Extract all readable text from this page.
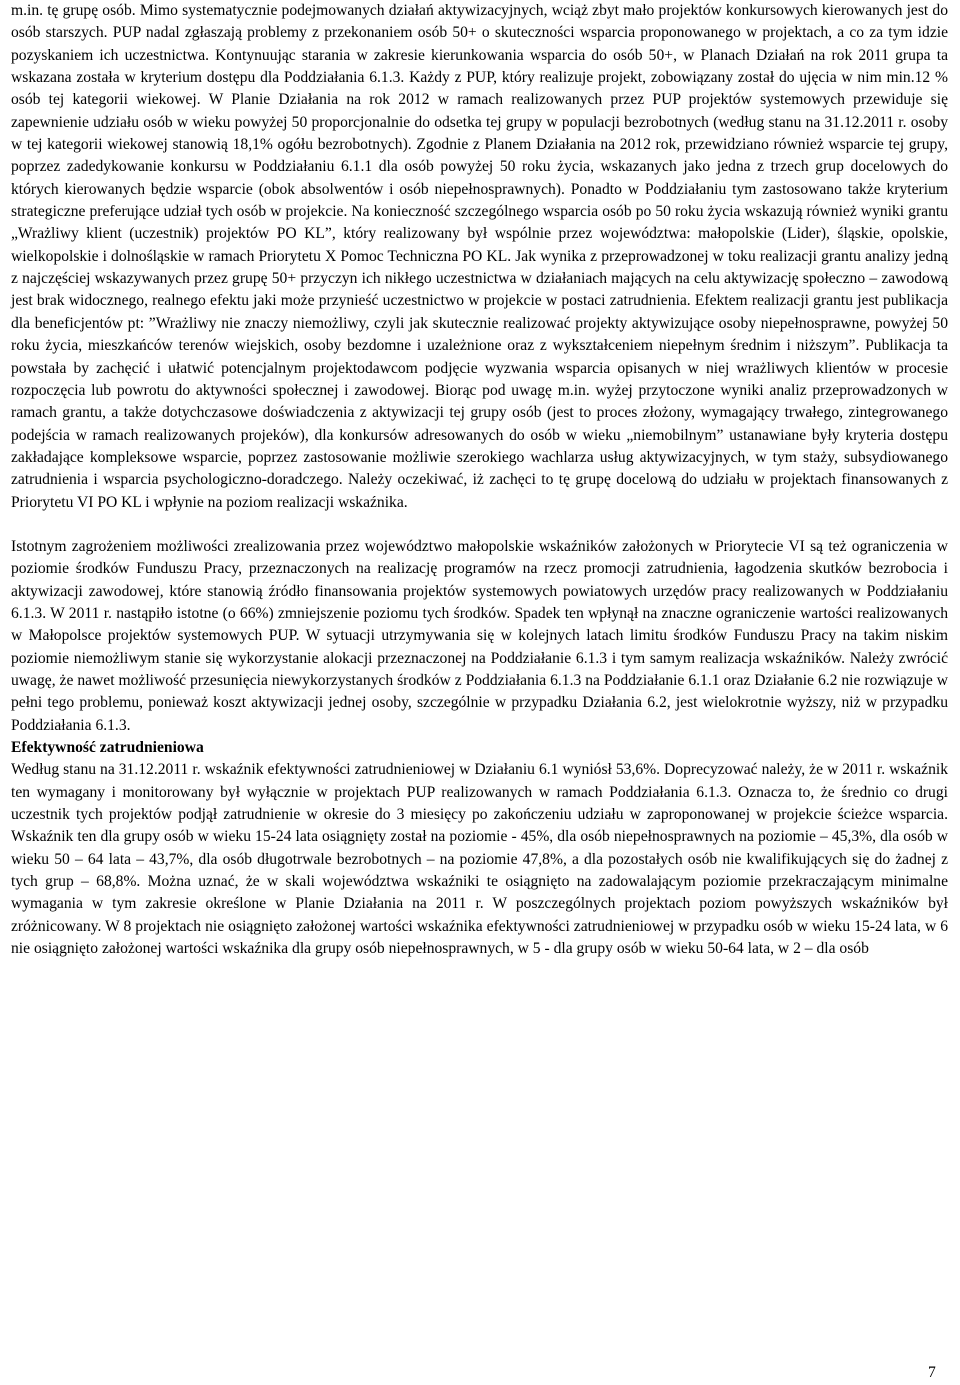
m.in. tę grupę osób. Mimo systematycznie podejmowanych działań aktywizacyjnych, wciąż zbyt mało projektów konkursowych kierowanych jest do osób starszych. PUP nadal zgłaszają problemy z przekonaniem osób 50+ o skuteczności wsparcia proponowanego w projektach, a co za tym idzie pozyskaniem ich uczestnictwa. Kontynuując starania w zakresie kierunkowania wsparcia do osób 50+, w Planach Działań na rok 2011 grupa ta wskazana została w kryterium dostępu dla Poddziałania 6.1.3. Każdy z PUP, który realizuje projekt, zobowiązany został do ujęcia w nim min.12 % osób tej kategorii wiekowej. W Planie Działania na rok 2012 w ramach realizowanych przez PUP projektów systemowych przewiduje się zapewnienie udziału osób w wieku powyżej 50 proporcjonalnie do odsetka tej grupy w populacji bezrobotnych (według stanu na 31.12.2011 r. osoby w tej kategorii wiekowej stanowią 18,1% ogółu bezrobotnych). Zgodnie z Planem Działania na 2012 rok, przewidziano również wsparcie tej grupy, poprzez zadedykowanie konkursu w Poddziałaniu 6.1.1 dla osób powyżej 50 roku życia, wskazanych jako jedna z trzech grup docelowych do których kierowanych będzie wsparcie (obok absolwentów i osób niepełnosprawnych). Ponadto w Poddziałaniu tym zastosowano także kryterium strategiczne preferujące udział tych osób w projekcie. Na konieczność szczególnego wsparcia osób po 50 roku życia wskazują również wyniki grantu „Wrażliwy klient (uczestnik) projektów PO KL”, który realizowany był wspólnie przez województwa: małopolskie (Lider), śląskie, opolskie, wielkopolskie i dolnośląskie w ramach Priorytetu X Pomoc Techniczna PO KL. Jak wynika z przeprowadzonej w toku realizacji grantu analizy jedną z najczęściej wskazywanych przez grupę 50+ przyczyn ich nikłego uczestnictwa w działaniach mających na celu aktywizację społeczno – zawodową jest brak widocznego, realnego efektu jaki może przynieść uczestnictwo w projekcie w postaci zatrudnienia. Efektem realizacji grantu jest publikacja dla beneficjentów pt: ”Wrażliwy nie znaczy niemożliwy, czyli jak skutecznie realizować projekty aktywizujące osoby niepełnosprawne, powyżej 50 roku życia, mieszkańców terenów wiejskich, osoby bezdomne i uzależnione oraz z wykształceniem niepełnym średnim i niższym”. Publikacja ta powstała by zachęcić i ułatwić potencjalnym projektodawcom podjęcie wyzwania wsparcia opisanych w niej wrażliwych klientów w procesie rozpoczęcia lub powrotu do aktywności społecznej i zawodowej. Biorąc pod uwagę m.in. wyżej przytoczone wyniki analiz przeprowadzonych w ramach grantu, a także dotychczasowe doświadczenia z aktywizacji tej grupy osób (jest to proces złożony, wymagający trwałego, zintegrowanego podejścia w ramach realizowanych projeków), dla konkursów adresowanych do osób w wieku „niemobilnym” ustanawiane były kryteria dostępu zakładające kompleksowe wsparcie, poprzez zastosowanie możliwie szerokiego wachlarza usług aktywizacyjnych, w tym staży, subsydiowanego zatrudnienia i wsparcia psychologiczno-doradczego. Należy oczekiwać, iż zachęci to tę grupę docelową do udziału w projektach finansowanych z Priorytetu VI PO KL i wpłynie na poziom realizacji wskaźnika.

Istotnym zagrożeniem możliwości zrealizowania przez województwo małopolskie wskaźników założonych w Priorytecie VI są też ograniczenia w poziomie środków Funduszu Pracy, przeznaczonych na realizację programów na rzecz promocji zatrudnienia, łagodzenia skutków bezrobocia i aktywizacji zawodowej, które stanowią źródło finansowania projektów systemowych powiatowych urzędów pracy realizowanych w Poddziałaniu 6.1.3. W 2011 r. nastąpiło istotne (o 66%) zmniejszenie poziomu tych środków. Spadek ten wpłynął na znaczne ograniczenie wartości realizowanych w Małopolsce projektów systemowych PUP. W sytuacji utrzymywania się w kolejnych latach limitu środków Funduszu Pracy na takim niskim poziomie niemożliwym stanie się wykorzystanie alokacji przeznaczonej na Poddziałanie 6.1.3 i tym samym realizacja wskaźników. Należy zwrócić uwagę, że nawet możliwość przesunięcia niewykorzystanych środków z Poddziałania 6.1.3 na Poddziałanie 6.1.1 oraz Działanie 6.2 nie rozwiązuje w pełni tego problemu, ponieważ koszt aktywizacji jednej osoby, szczególnie w przypadku Działania 6.2, jest wielokrotnie wyższy, niż w przypadku Poddziałania 6.1.3.

Efektywność zatrudnieniowa

Według stanu na 31.12.2011 r. wskaźnik efektywności zatrudnieniowej w Działaniu 6.1 wyniósł 53,6%. Doprecyzować należy, że w 2011 r. wskaźnik ten wymagany i monitorowany był wyłącznie w projektach PUP realizowanych w ramach Poddziałania 6.1.3. Oznacza to, że średnio co drugi uczestnik tych projektów podjął zatrudnienie w okresie do 3 miesięcy po zakończeniu udziału w zaproponowanej w projekcie ścieżce wsparcia. Wskaźnik ten dla grupy osób w wieku 15-24 lata osiągnięty został na poziomie - 45%, dla osób niepełnosprawnych na poziomie – 45,3%, dla osób w wieku 50 – 64 lata – 43,7%, dla osób długotrwale bezrobotnych – na poziomie 47,8%, a dla pozostałych osób nie kwalifikujących się do żadnej z tych grup – 68,8%. Można uznać, że w skali województwa wskaźniki te osiągnięto na zadowalającym poziomie przekraczającym minimalne wymagania w tym zakresie określone w Planie Działania na 2011 r. W poszczególnych projektach poziom powyższych wskaźników był zróżnicowany. W 8 projektach nie osiągnięto założonej wartości wskaźnika efektywności zatrudnieniowej w przypadku osób w wieku 15-24 lata, w 6 nie osiągnięto założonej wartości wskaźnika dla grupy osób niepełnosprawnych, w 5 - dla grupy osób w wieku 50-64 lata, w 2 – dla osób

7
